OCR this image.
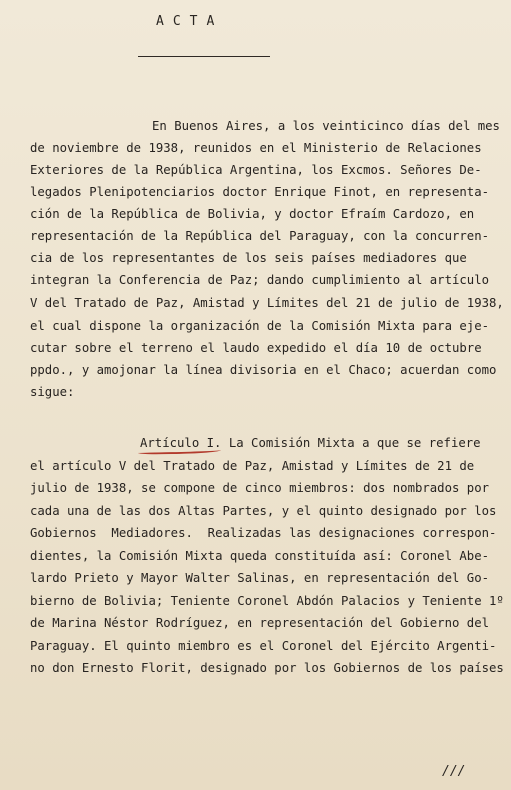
ACTA
En Buenos Aires, a los veinticinco días del mes
de noviembre de 1938, reunidos en el Ministerio de Relaciones
Exteriores de la República Argentina, los Excmos. Señores De-
legados Plenipotenciarios doctor Enrique Finot, en representa-
ción de la República de Bolivia, y doctor Efraím Cardozo, en
representación de la República del Paraguay, con la concurren-
cia de los representantes de los seis países mediadores que
integran la Conferencia de Paz; dando cumplimiento al artículo
V del Tratado de Paz, Amistad y Límites del 21 de julio de 1938,
el cual dispone la organización de la Comisión Mixta para eje-
cutar sobre el terreno el laudo expedido el día 10 de octubre
ppdo., y amojonar la línea divisoria en el Chaco; acuerdan como
sigue:
Artículo I. La Comisión Mixta a que se refiere
el artículo V del Tratado de Paz, Amistad y Límites de 21 de
julio de 1938, se compone de cinco miembros: dos nombrados por
cada una de las dos Altas Partes, y el quinto designado por los
Gobiernos  Mediadores.  Realizadas las designaciones correspon-
dientes, la Comisión Mixta queda constituída así: Coronel Abe-
lardo Prieto y Mayor Walter Salinas, en representación del Go-
bierno de Bolivia; Teniente Coronel Abdón Palacios y Teniente 1º
de Marina Néstor Rodríguez, en representación del Gobierno del
Paraguay. El quinto miembro es el Coronel del Ejército Argenti-
no don Ernesto Florit, designado por los Gobiernos de los países
///
